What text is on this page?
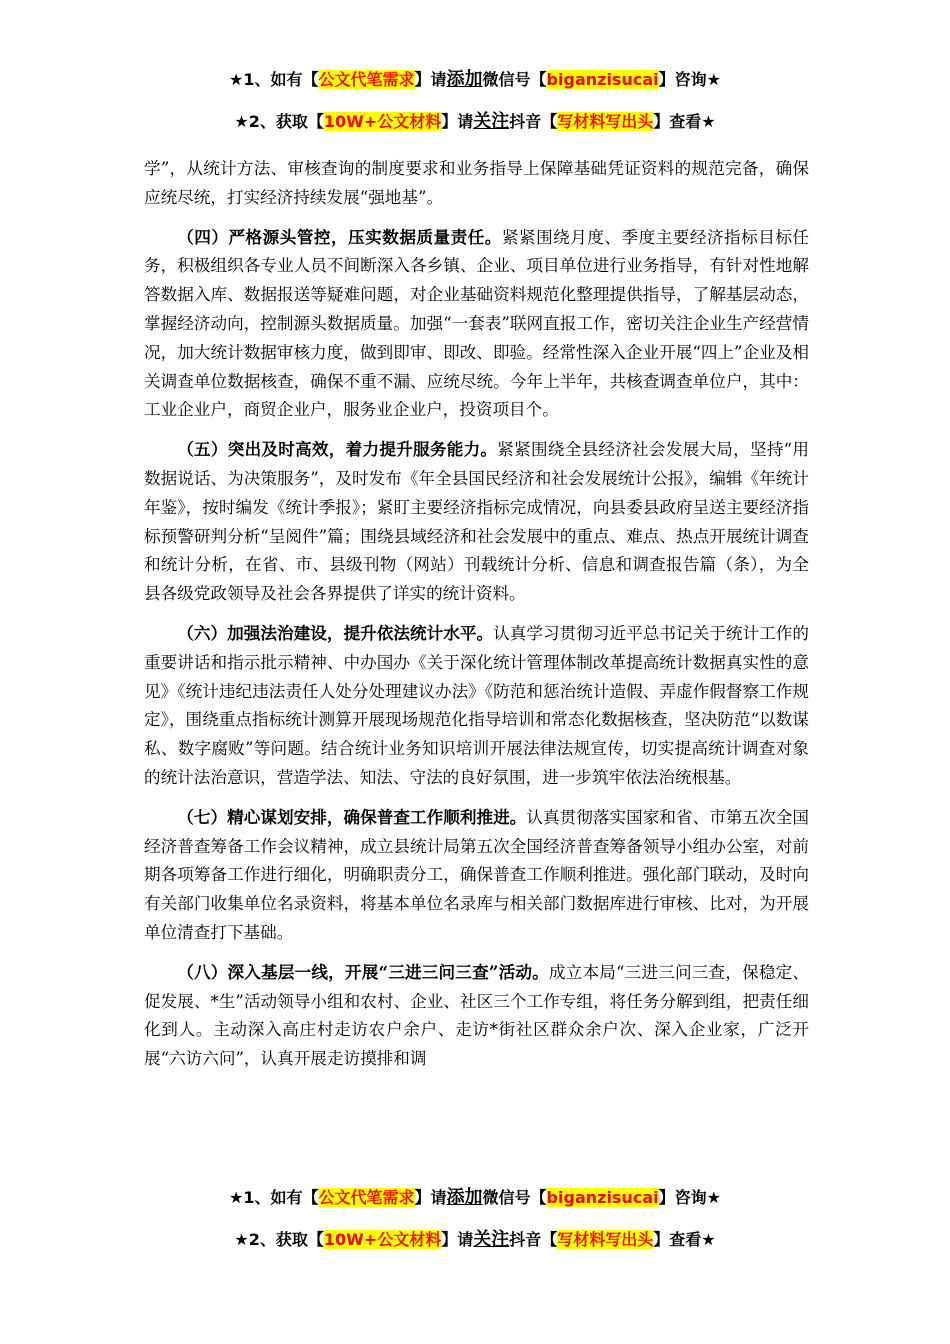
★1、如有【公文代笔需求】请添加微信号【biganzisucai】咨询★
★2、获取【10W+公文材料】请关注抖音【写材料写出头】查看★

学”，从统计方法、审核查询的制度要求和业务指导上保障基础凭证资料的规范完备，确保应统尽统，打实经济持续发展“强地基”。

（四）严格源头管控，压实数据质量责任。紧紧围绕月度、季度主要经济指标目标任务，积极组织各专业人员不间断深入各乡镇、企业、项目单位进行业务指导，有针对性地解答数据入库、数据报送等疑难问题，对企业基础资料规范化整理提供指导，了解基层动态，掌握经济动向，控制源头数据质量。加强“一套表”联网直报工作，密切关注企业生产经营情况，加大统计数据审核力度，做到即审、即改、即验。经常性深入企业开展“四上”企业及相关调查单位数据核查，确保不重不漏、应统尽统。今年上半年，共核查调查单位户，其中：工业企业户，商贸企业户，服务业企业户，投资项目个。

（五）突出及时高效，着力提升服务能力。紧紧围绕全县经济社会发展大局，坚持“用数据说话、为决策服务”，及时发布《年全县国民经济和社会发展统计公报》，编辑《年统计年鉴》，按时编发《统计季报》；紧盯主要经济指标完成情况，向县委县政府呈送主要经济指标预警研判分析“呈阅件”篇；围绕县域经济和社会发展中的重点、难点、热点开展统计调查和统计分析，在省、市、县级刊物（网站）刊载统计分析、信息和调查报告篇（条），为全县各级党政领导及社会各界提供了详实的统计资料。

（六）加强法治建设，提升依法统计水平。认真学习贯彻习近平总书记关于统计工作的重要讲话和指示批示精神、中办国办《关于深化统计管理体制改革提高统计数据真实性的意见》《统计违纪违法责任人处分处理建议办法》《防范和惩治统计造假、弄虚作假督察工作规定》，围绕重点指标统计测算开展现场规范化指导培训和常态化数据核查，坚决防范“以数谋私、数字腐败”等问题。结合统计业务知识培训开展法律法规宣传，切实提高统计调查对象的统计法治意识，营造学法、知法、守法的良好氛围，进一步筑牢依法治统根基。

（七）精心谋划安排，确保普查工作顺利推进。认真贯彻落实国家和省、市第五次全国经济普查筹备工作会议精神，成立县统计局第五次全国经济普查筹备领导小组办公室，对前期各项筹备工作进行细化，明确职责分工，确保普查工作顺利推进。强化部门联动，及时向有关部门收集单位名录资料，将基本单位名录库与相关部门数据库进行审核、比对，为开展单位清查打下基础。

（八）深入基层一线，开展“三进三问三查”活动。成立本局“三进三问三查，保稳定、促发展、*生”活动领导小组和农村、企业、社区三个工作专组，将任务分解到组，把责任细化到人。主动深入高庄村走访农户余户、走访*街社区群众余户次、深入企业家，广泛开展“六访六问”，认真开展走访摸排和调

★1、如有【公文代笔需求】请添加微信号【biganzisucai】咨询★
★2、获取【10W+公文材料】请关注抖音【写材料写出头】查看★
